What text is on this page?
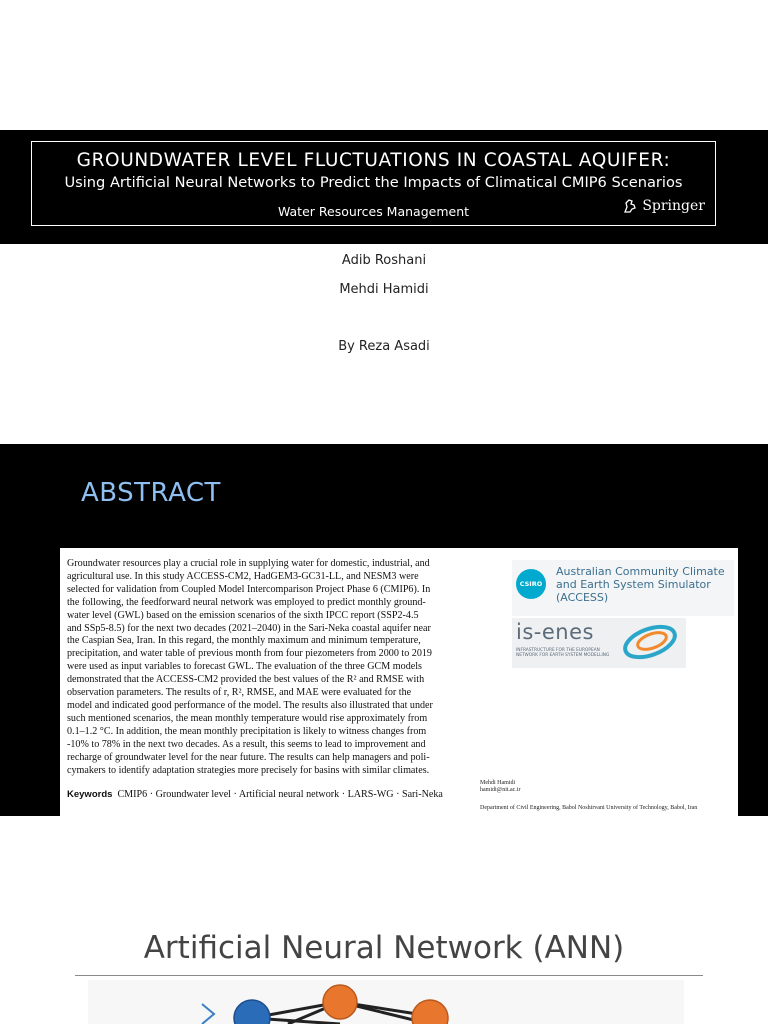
GROUNDWATER LEVEL FLUCTUATIONS IN COASTAL AQUIFER:
Using Artificial Neural Networks to Predict the Impacts of Climatical CMIP6 Scenarios
Water Resources Management	Springer
Adib Roshani
Mehdi Hamidi
By Reza Asadi
ABSTRACT
Groundwater resources play a crucial role in supplying water for domestic, industrial, and
agricultural use. In this study ACCESS-CM2, HadGEM3-GC31-LL, and NESM3 were
selected for validation from Coupled Model Intercomparison Project Phase 6 (CMIP6). In
the following, the feedforward neural network was employed to predict monthly ground-
water level (GWL) based on the emission scenarios of the sixth IPCC report (SSP2-4.5
and SSp5-8.5) for the next two decades (2021–2040) in the Sari-Neka coastal aquifer near
the Caspian Sea, Iran. In this regard, the monthly maximum and minimum temperature,
precipitation, and water table of previous month from four piezometers from 2000 to 2019
were used as input variables to forecast GWL. The evaluation of the three GCM models
demonstrated that the ACCESS-CM2 provided the best values of the R² and RMSE with
observation parameters. The results of r, R², RMSE, and MAE were evaluated for the
model and indicated good performance of the model. The results also illustrated that under
such mentioned scenarios, the mean monthly temperature would rise approximately from
0.1–1.2 °C. In addition, the mean monthly precipitation is likely to witness changes from
-10% to 78% in the next two decades. As a result, this seems to lead to improvement and
recharge of groundwater level for the near future. The results can help managers and poli-
cymakers to identify adaptation strategies more precisely for basins with similar climates.
Keywords CMIP6 · Groundwater level · Artificial neural network · LARS-WG · Sari-Neka
CSIRO
Australian Community Climate and Earth System Simulator (ACCESS)
is-enes
INFRASTRUCTURE FOR THE EUROPEAN NETWORK FOR EARTH SYSTEM MODELLING
Mehdi Hamidi
hamidi@nit.ac.ir
Department of Civil Engineering, Babol Noshirvani University of Technology, Babol, Iran
Artificial Neural Network (ANN)
